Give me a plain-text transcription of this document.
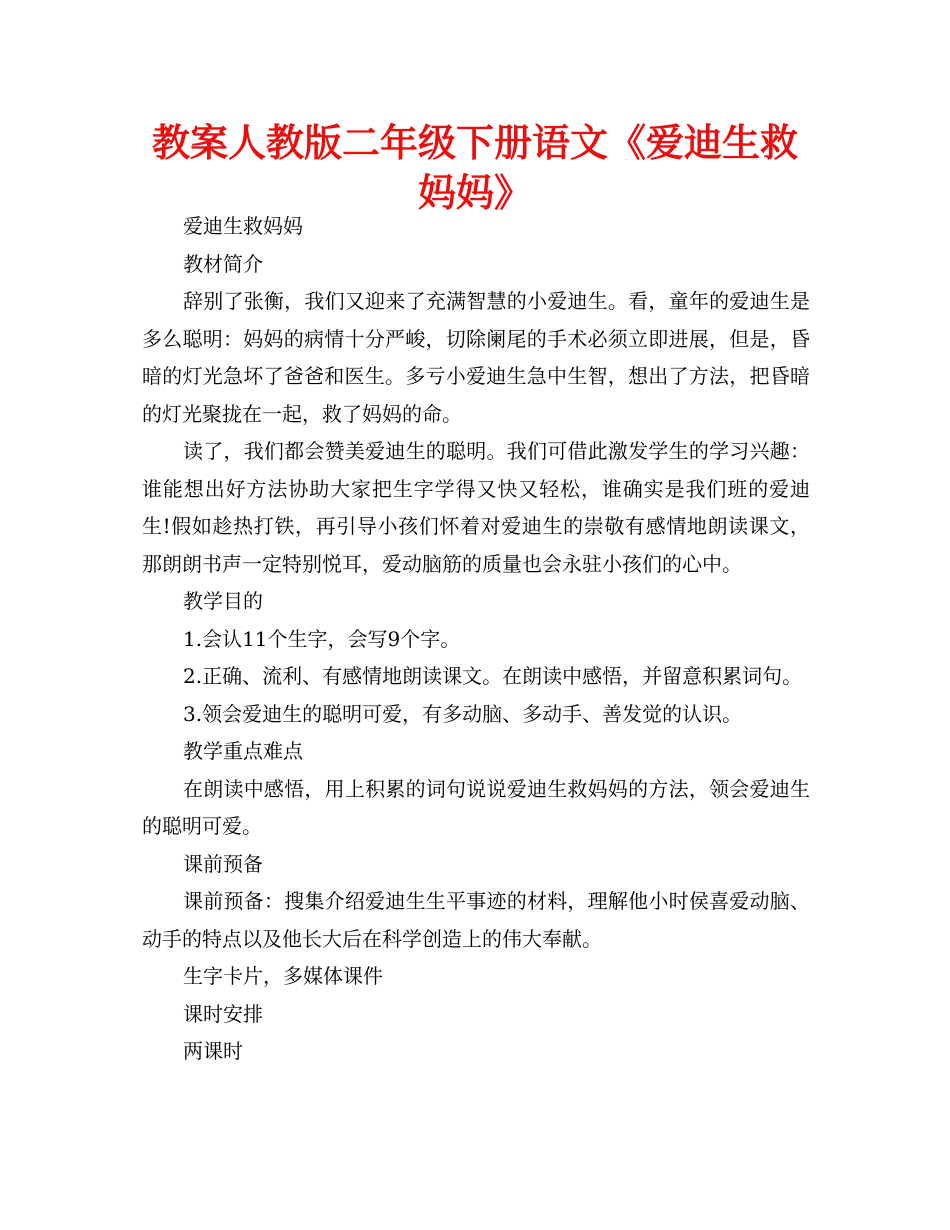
教案人教版二年级下册语文《爱迪生救妈妈》

爱迪生救妈妈

教材简介

辞别了张衡，我们又迎来了充满智慧的小爱迪生。看，童年的爱迪生是多么聪明：妈妈的病情十分严峻，切除阑尾的手术必须立即进展，但是，昏暗的灯光急坏了爸爸和医生。多亏小爱迪生急中生智，想出了方法，把昏暗的灯光聚拢在一起，救了妈妈的命。

读了，我们都会赞美爱迪生的聪明。我们可借此激发学生的学习兴趣：谁能想出好方法协助大家把生字学得又快又轻松，谁确实是我们班的爱迪生!假如趁热打铁，再引导小孩们怀着对爱迪生的崇敬有感情地朗读课文，那朗朗书声一定特别悦耳，爱动脑筋的质量也会永驻小孩们的心中。

教学目的

1.会认11个生字，会写9个字。

2.正确、流利、有感情地朗读课文。在朗读中感悟，并留意积累词句。

3.领会爱迪生的聪明可爱，有多动脑、多动手、善发觉的认识。

教学重点难点

在朗读中感悟，用上积累的词句说说爱迪生救妈妈的方法，领会爱迪生的聪明可爱。

课前预备

课前预备：搜集介绍爱迪生生平事迹的材料，理解他小时侯喜爱动脑、动手的特点以及他长大后在科学创造上的伟大奉献。

生字卡片，多媒体课件

课时安排

两课时
